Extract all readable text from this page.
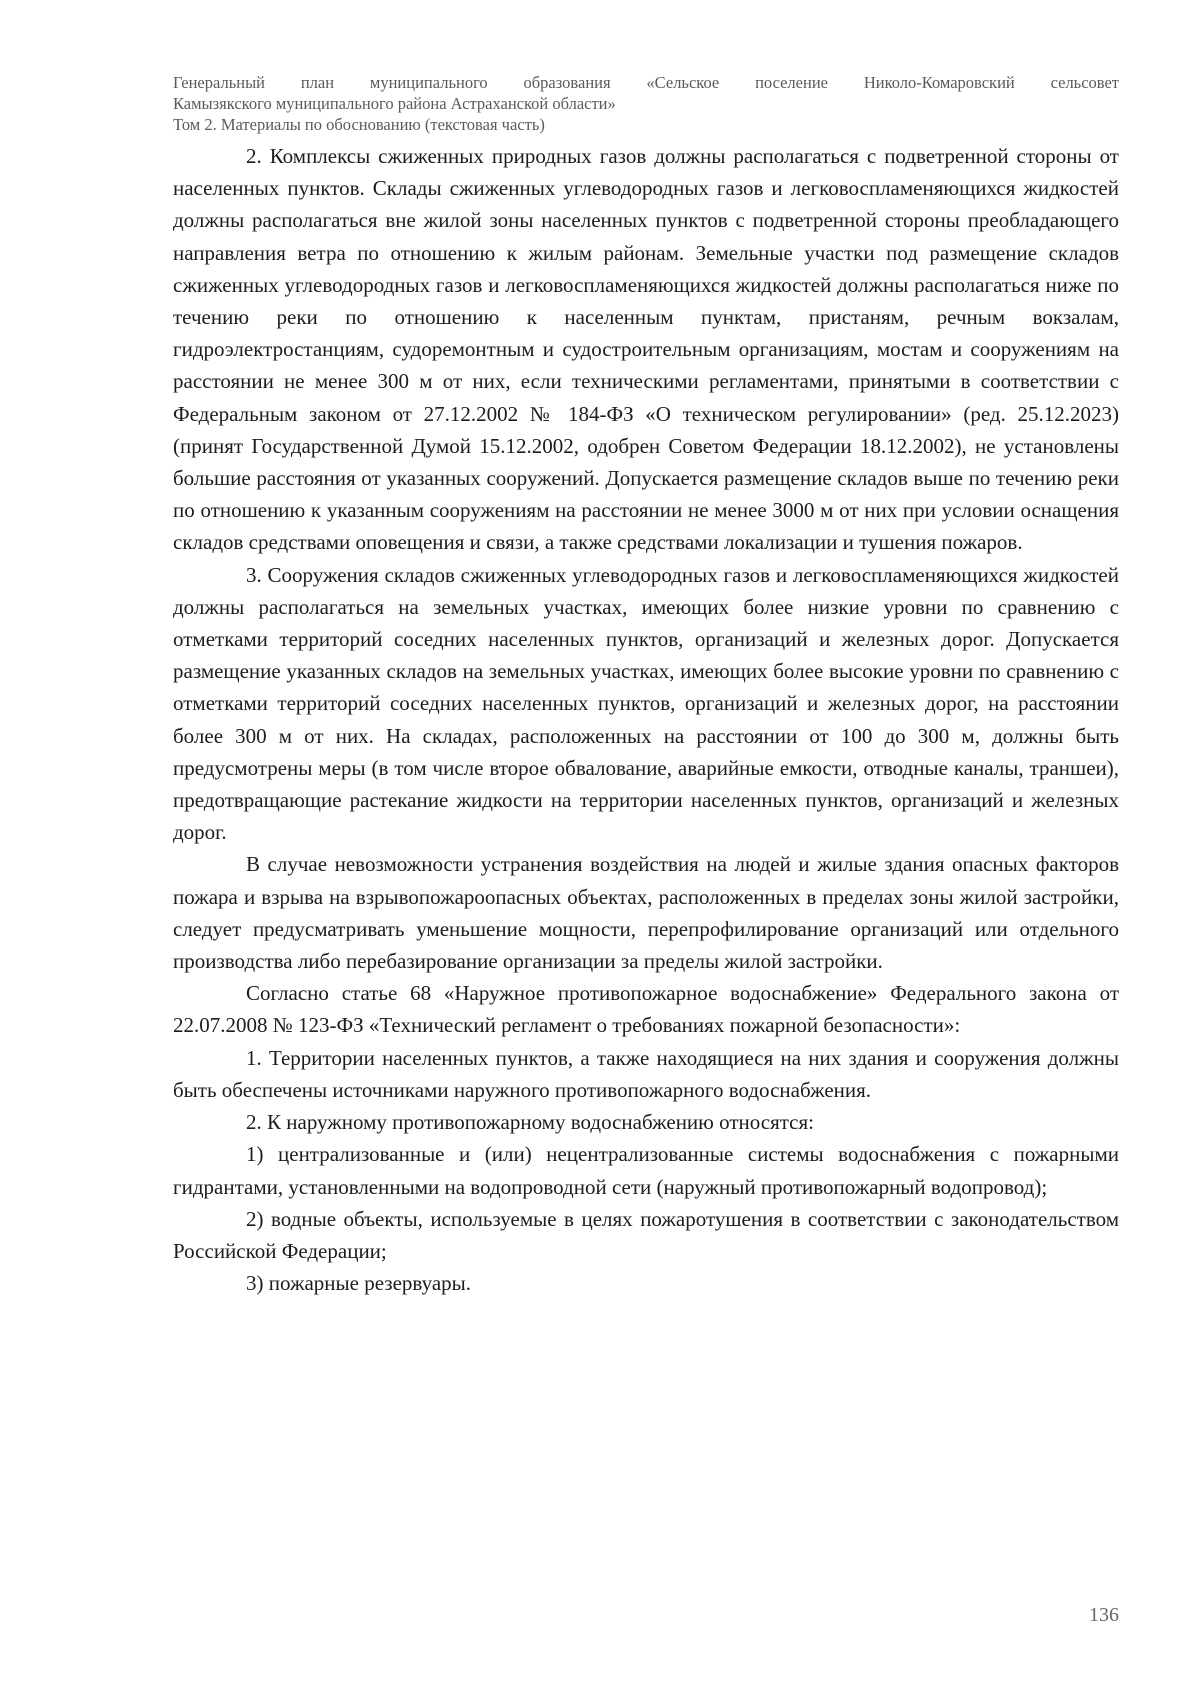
Генеральный план муниципального образования «Сельское поселение Николо-Комаровский сельсовет
Камызякского муниципального района Астраханской области»
Том 2. Материалы по обоснованию (текстовая часть)

2. Комплексы сжиженных природных газов должны располагаться с подветренной стороны от населенных пунктов. Склады сжиженных углеводородных газов и легковоспламеняющихся жидкостей должны располагаться вне жилой зоны населенных пунктов с подветренной стороны преобладающего направления ветра по отношению к жилым районам. Земельные участки под размещение складов сжиженных углеводородных газов и легковоспламеняющихся жидкостей должны располагаться ниже по течению реки по отношению к населенным пунктам, пристаням, речным вокзалам, гидроэлектростанциям, судоремонтным и судостроительным организациям, мостам и сооружениям на расстоянии не менее 300 м от них, если техническими регламентами, принятыми в соответствии с Федеральным законом от 27.12.2002 № 184-ФЗ «О техническом регулировании» (ред. 25.12.2023) (принят Государственной Думой 15.12.2002, одобрен Советом Федерации 18.12.2002), не установлены большие расстояния от указанных сооружений. Допускается размещение складов выше по течению реки по отношению к указанным сооружениям на расстоянии не менее 3000 м от них при условии оснащения складов средствами оповещения и связи, а также средствами локализации и тушения пожаров.

3. Сооружения складов сжиженных углеводородных газов и легковоспламеняющихся жидкостей должны располагаться на земельных участках, имеющих более низкие уровни по сравнению с отметками территорий соседних населенных пунктов, организаций и железных дорог. Допускается размещение указанных складов на земельных участках, имеющих более высокие уровни по сравнению с отметками территорий соседних населенных пунктов, организаций и железных дорог, на расстоянии более 300 м от них. На складах, расположенных на расстоянии от 100 до 300 м, должны быть предусмотрены меры (в том числе второе обвалование, аварийные емкости, отводные каналы, траншеи), предотвращающие растекание жидкости на территории населенных пунктов, организаций и железных дорог.

В случае невозможности устранения воздействия на людей и жилые здания опасных факторов пожара и взрыва на взрывопожароопасных объектах, расположенных в пределах зоны жилой застройки, следует предусматривать уменьшение мощности, перепрофилирование организаций или отдельного производства либо перебазирование организации за пределы жилой застройки.

Согласно статье 68 «Наружное противопожарное водоснабжение» Федерального закона от 22.07.2008 № 123-ФЗ «Технический регламент о требованиях пожарной безопасности»:

1. Территории населенных пунктов, а также находящиеся на них здания и сооружения должны быть обеспечены источниками наружного противопожарного водоснабжения.

2. К наружному противопожарному водоснабжению относятся:

1) централизованные и (или) нецентрализованные системы водоснабжения с пожарными гидрантами, установленными на водопроводной сети (наружный противопожарный водопровод);

2) водные объекты, используемые в целях пожаротушения в соответствии с законодательством Российской Федерации;

3) пожарные резервуары.

136
